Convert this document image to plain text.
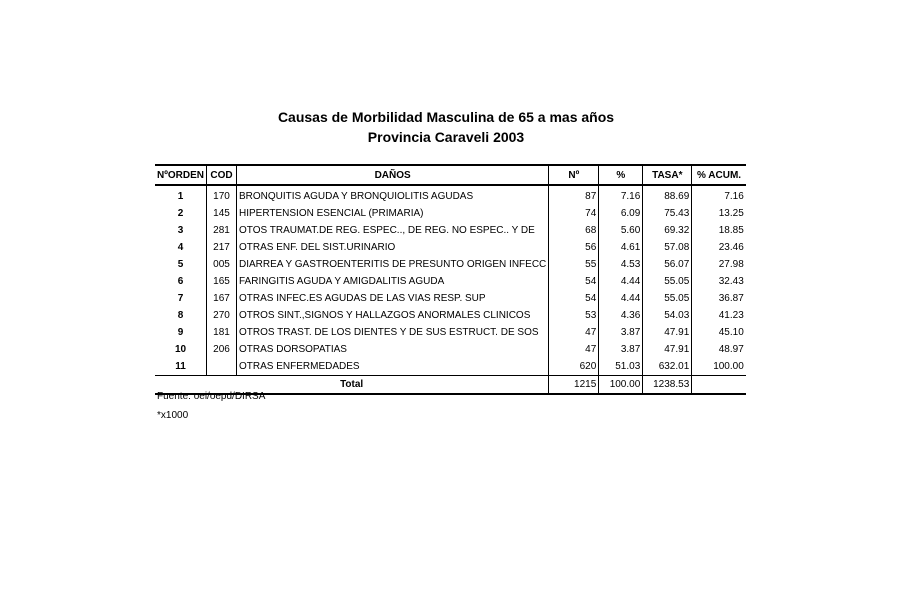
Causas de Morbilidad Masculina de 65 a mas años
Provincia Caraveli 2003
NºORDEN	COD	DAÑOS	Nº	%	TASA*	% ACUM.
1	170	BRONQUITIS AGUDA Y BRONQUIOLITIS AGUDAS	87	7.16	88.69	7.16
2	145	HIPERTENSION ESENCIAL (PRIMARIA)	74	6.09	75.43	13.25
3	281	OTOS TRAUMAT.DE REG. ESPEC.., DE REG. NO ESPEC.. Y DE	68	5.60	69.32	18.85
4	217	OTRAS ENF. DEL SIST.URINARIO	56	4.61	57.08	23.46
5	005	DIARREA Y GASTROENTERITIS DE PRESUNTO ORIGEN INFECC	55	4.53	56.07	27.98
6	165	FARINGITIS AGUDA Y AMIGDALITIS AGUDA	54	4.44	55.05	32.43
7	167	OTRAS INFEC.ES AGUDAS DE LAS VIAS RESP. SUP	54	4.44	55.05	36.87
8	270	OTROS SINT.,SIGNOS Y HALLAZGOS ANORMALES CLINICOS	53	4.36	54.03	41.23
9	181	OTROS TRAST. DE LOS DIENTES Y DE SUS ESTRUCT. DE SOS	47	3.87	47.91	45.10
10	206	OTRAS DORSOPATIAS	47	3.87	47.91	48.97
11		OTRAS ENFERMEDADES	620	51.03	632.01	100.00
Total			1215	100.00	1238.53	
Fuente: oei/oepd/DIRSA
*x1000
